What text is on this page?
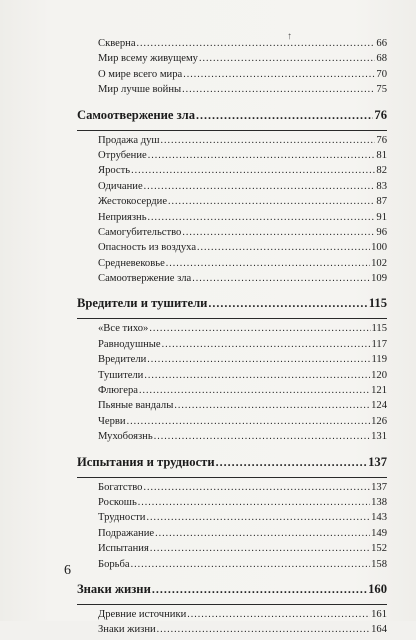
↑
Скверна .....	66
Мир всему живущему .....	68
О мире всего мира .....	70
Мир лучше войны .....	75
Самоотвержение зла .....	76
Продажа душ .....	76
Отрубение .....	81
Ярость .....	82
Одичание .....	83
Жестокосердие .....	87
Неприязнь .....	91
Самогубительство .....	96
Опасность из воздуха .....	100
Средневековье .....	102
Самоотвержение зла .....	109
Вредители и тушители .....	115
«Все тихо» .....	115
Равнодушные .....	117
Вредители .....	119
Тушители .....	120
Флюгера .....	121
Пьяные вандалы .....	124
Черви .....	126
Мухобоязнь .....	131
Испытания и трудности .....	137
Богатство .....	137
Роскошь .....	138
Трудности .....	143
Подражание .....	149
Испытания .....	152
Борьба .....	158
Знаки жизни .....	160
Древние источники .....	161
Знаки жизни .....	164
6
